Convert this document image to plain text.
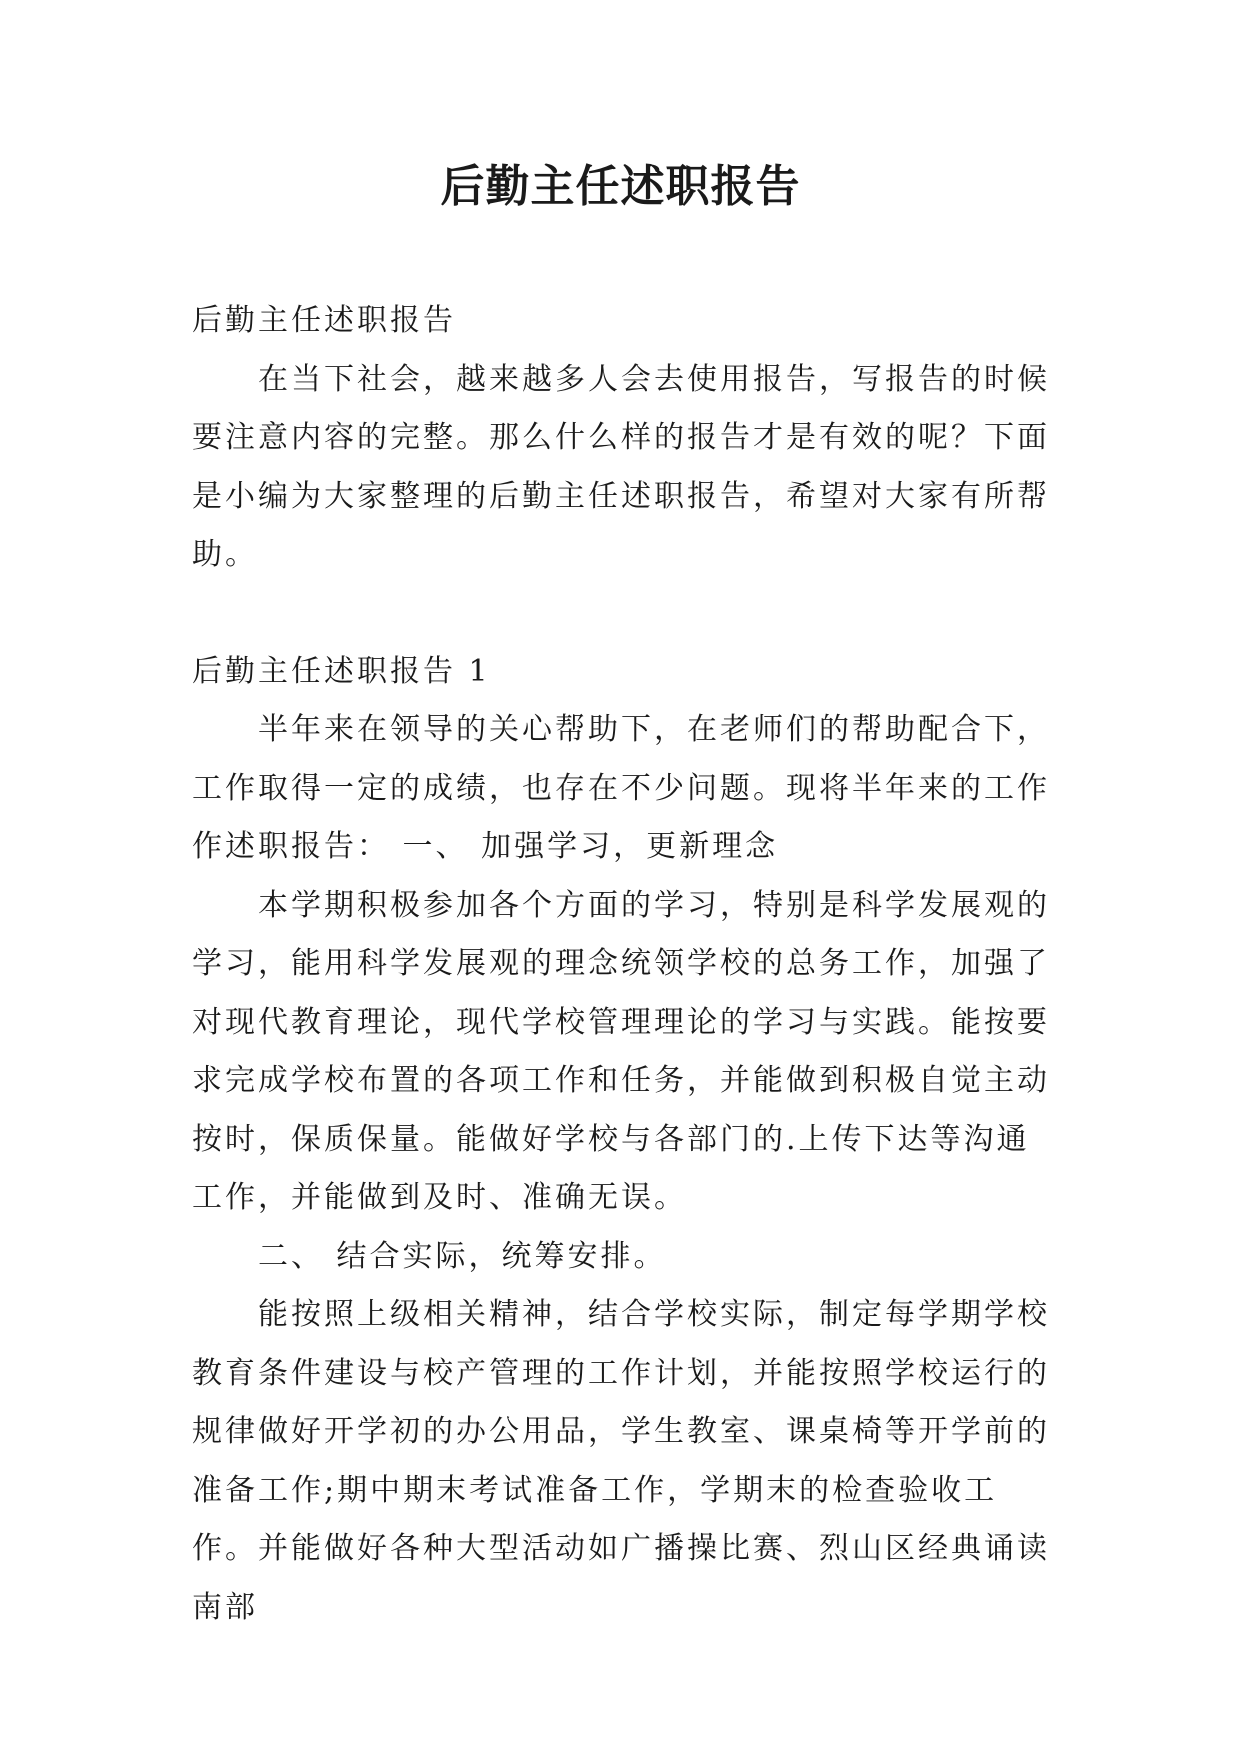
后勤主任述职报告

后勤主任述职报告

在当下社会，越来越多人会去使用报告，写报告的时候要注意内容的完整。那么什么样的报告才是有效的呢？下面是小编为大家整理的后勤主任述职报告，希望对大家有所帮助。

后勤主任述职报告 1

半年来在领导的关心帮助下，在老师们的帮助配合下，工作取得一定的成绩，也存在不少问题。现将半年来的工作作述职报告： 一、 加强学习，更新理念

本学期积极参加各个方面的学习，特别是科学发展观的学习，能用科学发展观的理念统领学校的总务工作，加强了对现代教育理论，现代学校管理理论的学习与实践。能按要求完成学校布置的各项工作和任务，并能做到积极自觉主动按时，保质保量。能做好学校与各部门的.上传下达等沟通工作，并能做到及时、准确无误。

二、 结合实际，统筹安排。

能按照上级相关精神，结合学校实际，制定每学期学校教育条件建设与校产管理的工作计划，并能按照学校运行的规律做好开学初的办公用品，学生教室、课桌椅等开学前的准备工作;期中期末考试准备工作，学期末的检查验收工作。并能做好各种大型活动如广播操比赛、烈山区经典诵读南部
